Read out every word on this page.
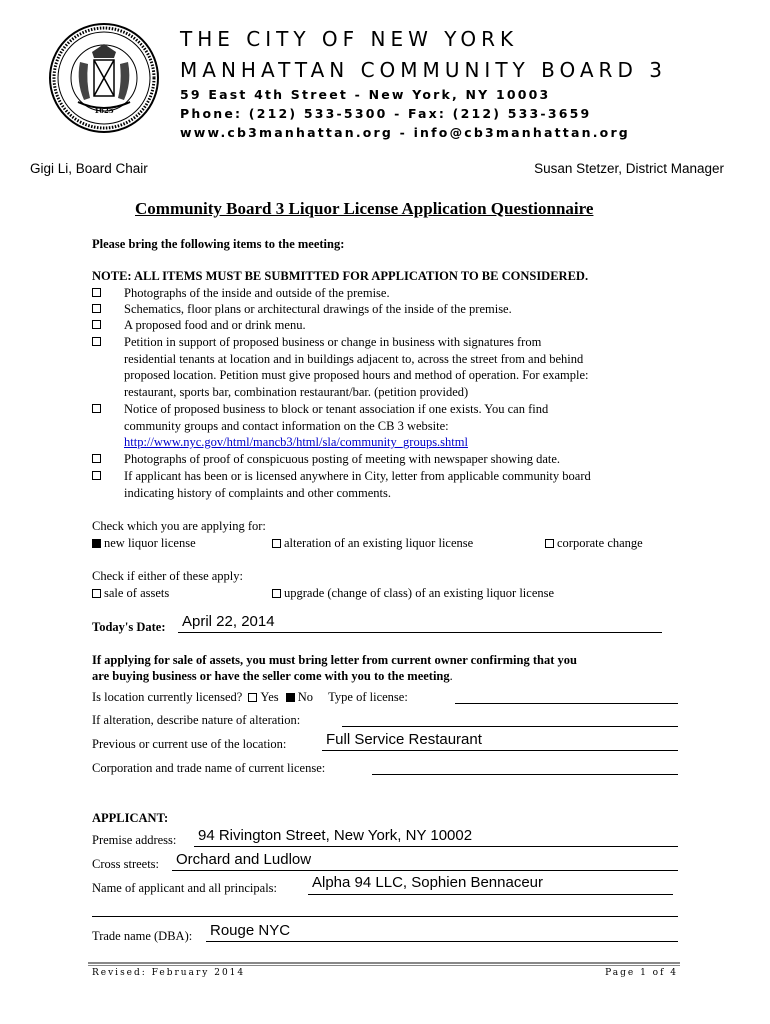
1625
THE CITY OF NEW YORK
MANHATTAN COMMUNITY BOARD 3
59 East 4th Street - New York, NY 10003
Phone: (212) 533-5300 - Fax: (212) 533-3659
www.cb3manhattan.org - info@cb3manhattan.org
Gigi Li, Board Chair	Susan Stetzer, District Manager
Community Board 3 Liquor License Application Questionnaire
Please bring the following items to the meeting:
NOTE: ALL ITEMS MUST BE SUBMITTED FOR APPLICATION TO BE CONSIDERED.
Photographs of the inside and outside of the premise.
Schematics, floor plans or architectural drawings of the inside of the premise.
A proposed food and or drink menu.
Petition in support of proposed business or change in business with signatures from
residential tenants at location and in buildings adjacent to, across the street from and behind
proposed location. Petition must give proposed hours and method of operation. For example:
restaurant, sports bar, combination restaurant/bar. (petition provided)
Notice of proposed business to block or tenant association if one exists. You can find
community groups and contact information on the CB 3 website:
http://www.nyc.gov/html/mancb3/html/sla/community_groups.shtml
Photographs of proof of conspicuous posting of meeting with newspaper showing date.
If applicant has been or is licensed anywhere in City, letter from applicable community board
indicating history of complaints and other comments.
Check which you are applying for:
new liquor license	alteration of an existing liquor license	corporate change
Check if either of these apply:
sale of assets	upgrade (change of class) of an existing liquor license
Today's Date: April 22, 2014
If applying for sale of assets, you must bring letter from current owner confirming that you
are buying business or have the seller come with you to the meeting.
Is location currently licensed? Yes No Type of license:
If alteration, describe nature of alteration:
Previous or current use of the location:	Full Service Restaurant
Corporation and trade name of current license:
APPLICANT:
Premise address: 94 Rivington Street, New York, NY 10002
Cross streets: Orchard and Ludlow
Name of applicant and all principals: Alpha 94 LLC, Sophien Bennaceur
Trade name (DBA): Rouge NYC
Revised: February 2014	Page 1 of 4
